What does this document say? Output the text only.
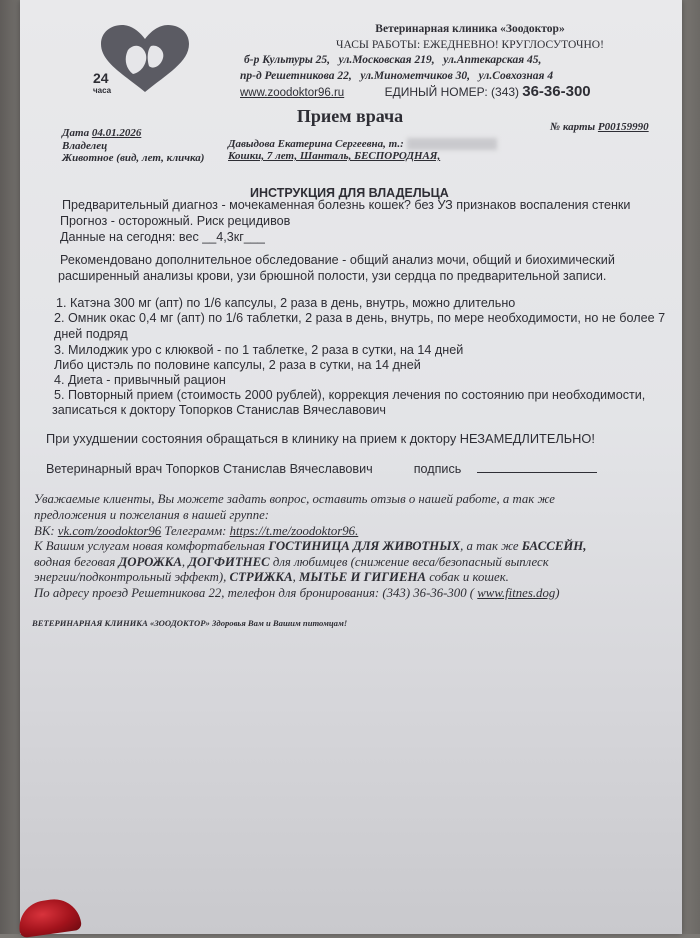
24
часа
Ветеринарная клиника «Зоодоктор»
ЧАСЫ РАБОТЫ: ЕЖЕДНЕВНО! КРУГЛОСУТОЧНО!
б-р Культуры 25, ул.Московская 219, ул.Аптекарская 45,
пр-д Решетникова 22, ул.Минометчиков 30, ул.Совхозная 4
www.zoodoktor96.ru	ЕДИНЫЙ НОМЕР: (343) 36-36-300
Прием врача
Дата 04.01.2026	№ карты Р00159990
Владелец	Давыдова Екатерина Сергеевна, т.:
Животное (вид, лет, кличка) Кошки, 7 лет, Шанталь, БЕСПОРОДНАЯ,
ИНСТРУКЦИЯ ДЛЯ ВЛАДЕЛЬЦА
Предварительный диагноз - мочекаменная болезнь кошек? без УЗ признаков воспаления стенки
Прогноз - осторожный. Риск рецидивов
Данные на сегодня: вес __4,3кг___
Рекомендовано дополнительное обследование - общий анализ мочи, общий и биохимический
расширенный анализы крови, узи брюшной полости, узи сердца по предварительной записи.
1. Катэна 300 мг (апт) по 1/6 капсулы, 2 раза в день, внутрь, можно длительно
2. Омник окас 0,4 мг (апт) по 1/6 таблетки, 2 раза в день, внутрь, по мере необходимости, но не более 7
дней подряд
3. Милоджик уро с клюквой - по 1 таблетке, 2 раза в сутки, на 14 дней
Либо цистэль по половине капсулы, 2 раза в сутки, на 14 дней
4. Диета - привычный рацион
5. Повторный прием (стоимость 2000 рублей), коррекция лечения по состоянию при необходимости,
записаться к доктору Топорков Станислав Вячеславович
При ухудшении состояния обращаться в клинику на прием к доктору НЕЗАМЕДЛИТЕЛЬНО!
Ветеринарный врач Топорков Станислав Вячеславович	подпись
Уважаемые клиенты, Вы можете задать вопрос, оставить отзыв о нашей работе, а так же
предложения и пожелания в нашей группе:
ВК: vk.com/zoodoktor96 Телеграмм: https://t.me/zoodoktor96.
К Вашим услугам новая комфортабельная ГОСТИНИЦА ДЛЯ ЖИВОТНЫХ, а так же БАССЕЙН,
водная беговая ДОРОЖКА, ДОГФИТНЕС для любимцев (снижение веса/безопасный выплеск
энергии/подконтрольный эффект), СТРИЖКА, МЫТЬЕ И ГИГИЕНА собак и кошек.
По адресу проезд Решетникова 22, телефон для бронирования: (343) 36-36-300 ( www.fitnes.dog)
ВЕТЕРИНАРНАЯ КЛИНИКА «ЗООДОКТОР» Здоровья Вам и Вашим питомцам!
